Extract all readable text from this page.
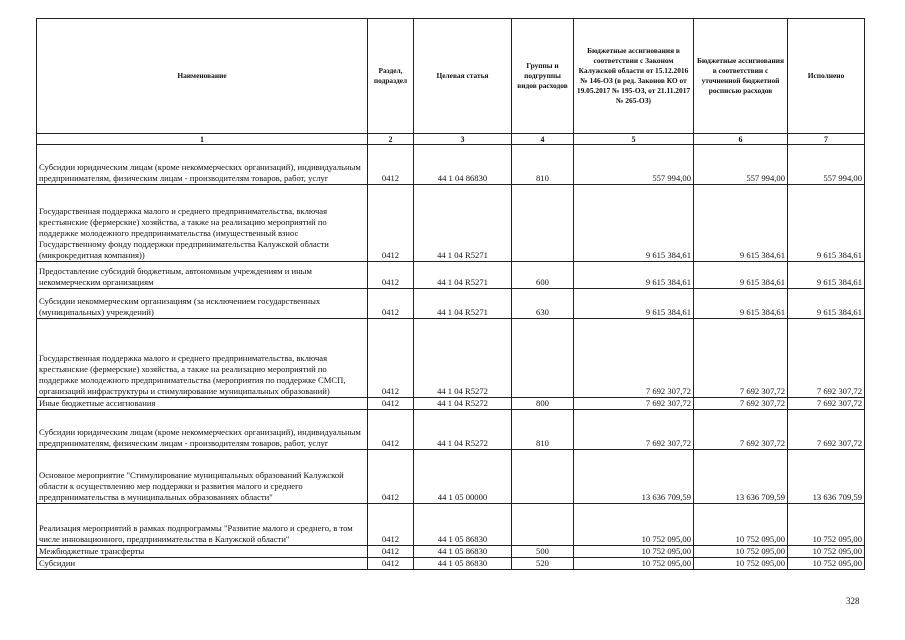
Наименование	Раздел, подраздел	Целевая статья	Группы и подгруппы видов расходов	Бюджетные ассигнования в соответствии с Законом Калужской области от 15.12.2016 № 146-ОЗ (в ред. Законов КО от 19.05.2017 № 195-ОЗ, от 21.11.2017 № 265-ОЗ)	Бюджетные ассигнования в соответствии с уточненной бюджетной росписью расходов	Исполнено
1	2	3	4	5	6	7
Субсидии юридическим лицам (кроме некоммерческих организаций), индивидуальным предпринимателям, физическим лицам - производителям товаров, работ, услуг	0412	44 1 04 86830	810	557 994,00	557 994,00	557 994,00
Государственная поддержка малого и среднего предпринимательства, включая крестьянские (фермерские) хозяйства, а также на реализацию мероприятий по поддержке молодежного предпринимательства (имущественный взнос Государственному фонду поддержки предпринимательства Калужской области (микрокредитная компания))	0412	44 1 04 R5271		9 615 384,61	9 615 384,61	9 615 384,61
Предоставление субсидий бюджетным, автономным учреждениям и иным некоммерческим организациям	0412	44 1 04 R5271	600	9 615 384,61	9 615 384,61	9 615 384,61
Субсидии некоммерческим организациям (за исключением государственных (муниципальных) учреждений)	0412	44 1 04 R5271	630	9 615 384,61	9 615 384,61	9 615 384,61
Государственная поддержка малого и среднего предпринимательства, включая крестьянские (фермерские) хозяйства, а также на реализацию мероприятий по поддержке молодежного предпринимательства (мероприятия по поддержке СМСП, организаций инфраструктуры и стимулирование муниципальных образований)	0412	44 1 04 R5272		7 692 307,72	7 692 307,72	7 692 307,72
Иные бюджетные ассигнования	0412	44 1 04 R5272	800	7 692 307,72	7 692 307,72	7 692 307,72
Субсидии юридическим лицам (кроме некоммерческих организаций), индивидуальным предпринимателям, физическим лицам - производителям товаров, работ, услуг	0412	44 1 04 R5272	810	7 692 307,72	7 692 307,72	7 692 307,72
Основное мероприятие "Стимулирование муниципальных образований Калужской области к осуществлению мер поддержки и развития малого и среднего предпринимательства в муниципальных образованиях области"	0412	44 1 05 00000		13 636 709,59	13 636 709,59	13 636 709,59
Реализация мероприятий в рамках подпрограммы "Развитие малого и среднего, в том числе инновационного, предпринимательства в Калужской области"	0412	44 1 05 86830		10 752 095,00	10 752 095,00	10 752 095,00
Межбюджетные трансферты	0412	44 1 05 86830	500	10 752 095,00	10 752 095,00	10 752 095,00
Субсидии	0412	44 1 05 86830	520	10 752 095,00	10 752 095,00	10 752 095,00
328
